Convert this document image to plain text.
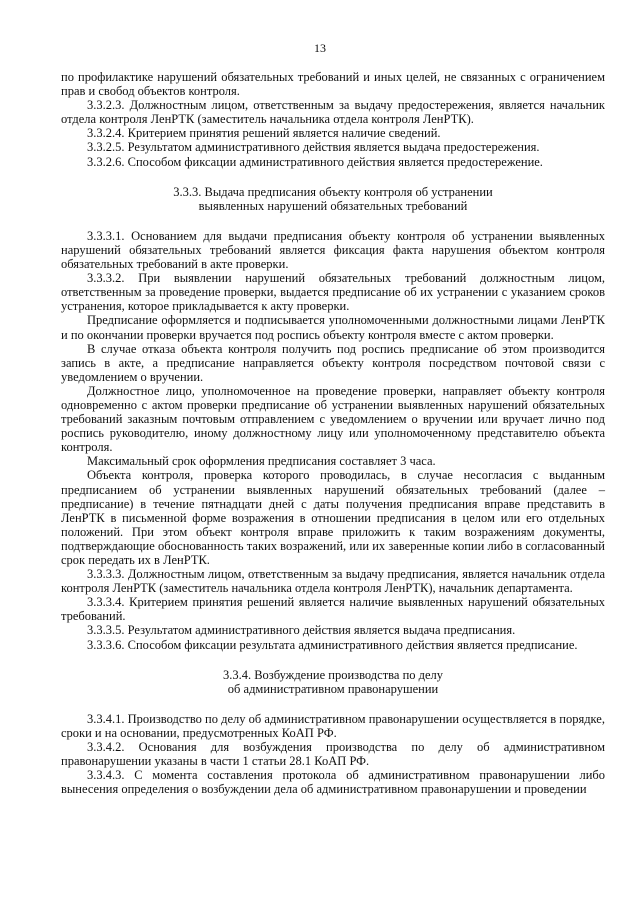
13

по профилактике нарушений обязательных требований и иных целей, не связанных с ограничением прав и свобод объектов контроля.

3.3.2.3. Должностным лицом, ответственным за выдачу предостережения, является начальник отдела контроля ЛенРТК (заместитель начальника отдела контроля ЛенРТК).

3.3.2.4. Критерием принятия решений является наличие сведений.

3.3.2.5. Результатом административного действия является выдача предостережения.

3.3.2.6. Способом фиксации административного действия является предостережение.

3.3.3. Выдача предписания объекту контроля об устранении
выявленных нарушений обязательных требований

3.3.3.1. Основанием для выдачи предписания объекту контроля об устранении выявленных нарушений обязательных требований является фиксация факта нарушения объектом контроля обязательных требований в акте проверки.

3.3.3.2. При выявлении нарушений обязательных требований должностным лицом, ответственным за проведение проверки, выдается предписание об их устранении с указанием сроков устранения, которое прикладывается к акту проверки.

Предписание оформляется и подписывается уполномоченными должностными лицами ЛенРТК и по окончании проверки вручается под роспись объекту контроля вместе с актом проверки.

В случае отказа объекта контроля получить под роспись предписание об этом производится запись в акте, а предписание направляется объекту контроля посредством почтовой связи с уведомлением о вручении.

Должностное лицо, уполномоченное на проведение проверки, направляет объекту контроля одновременно с актом проверки предписание об устранении выявленных нарушений обязательных требований заказным почтовым отправлением с уведомлением о вручении или вручает лично под роспись руководителю, иному должностному лицу или уполномоченному представителю объекта контроля.

Максимальный срок оформления предписания составляет 3 часа.

Объекта контроля, проверка которого проводилась, в случае несогласия с выданным предписанием об устранении выявленных нарушений обязательных требований (далее – предписание) в течение пятнадцати дней с даты получения предписания вправе представить в ЛенРТК в письменной форме возражения в отношении предписания в целом или его отдельных положений. При этом объект контроля вправе приложить к таким возражениям документы, подтверждающие обоснованность таких возражений, или их заверенные копии либо в согласованный срок передать их в ЛенРТК.

3.3.3.3. Должностным лицом, ответственным за выдачу предписания, является начальник отдела контроля ЛенРТК (заместитель начальника отдела контроля ЛенРТК), начальник департамента.

3.3.3.4. Критерием принятия решений является наличие выявленных нарушений обязательных требований.

3.3.3.5. Результатом административного действия является выдача предписания.

3.3.3.6. Способом фиксации результата административного действия является предписание.

3.3.4. Возбуждение производства по делу
об административном правонарушении

3.3.4.1. Производство по делу об административном правонарушении осуществляется в порядке, сроки и на основании, предусмотренных КоАП РФ.

3.3.4.2. Основания для возбуждения производства по делу об административном правонарушении указаны в части 1 статьи 28.1 КоАП РФ.

3.3.4.3. С момента составления протокола об административном правонарушении либо вынесения определения о возбуждении дела об административном правонарушении и проведении
